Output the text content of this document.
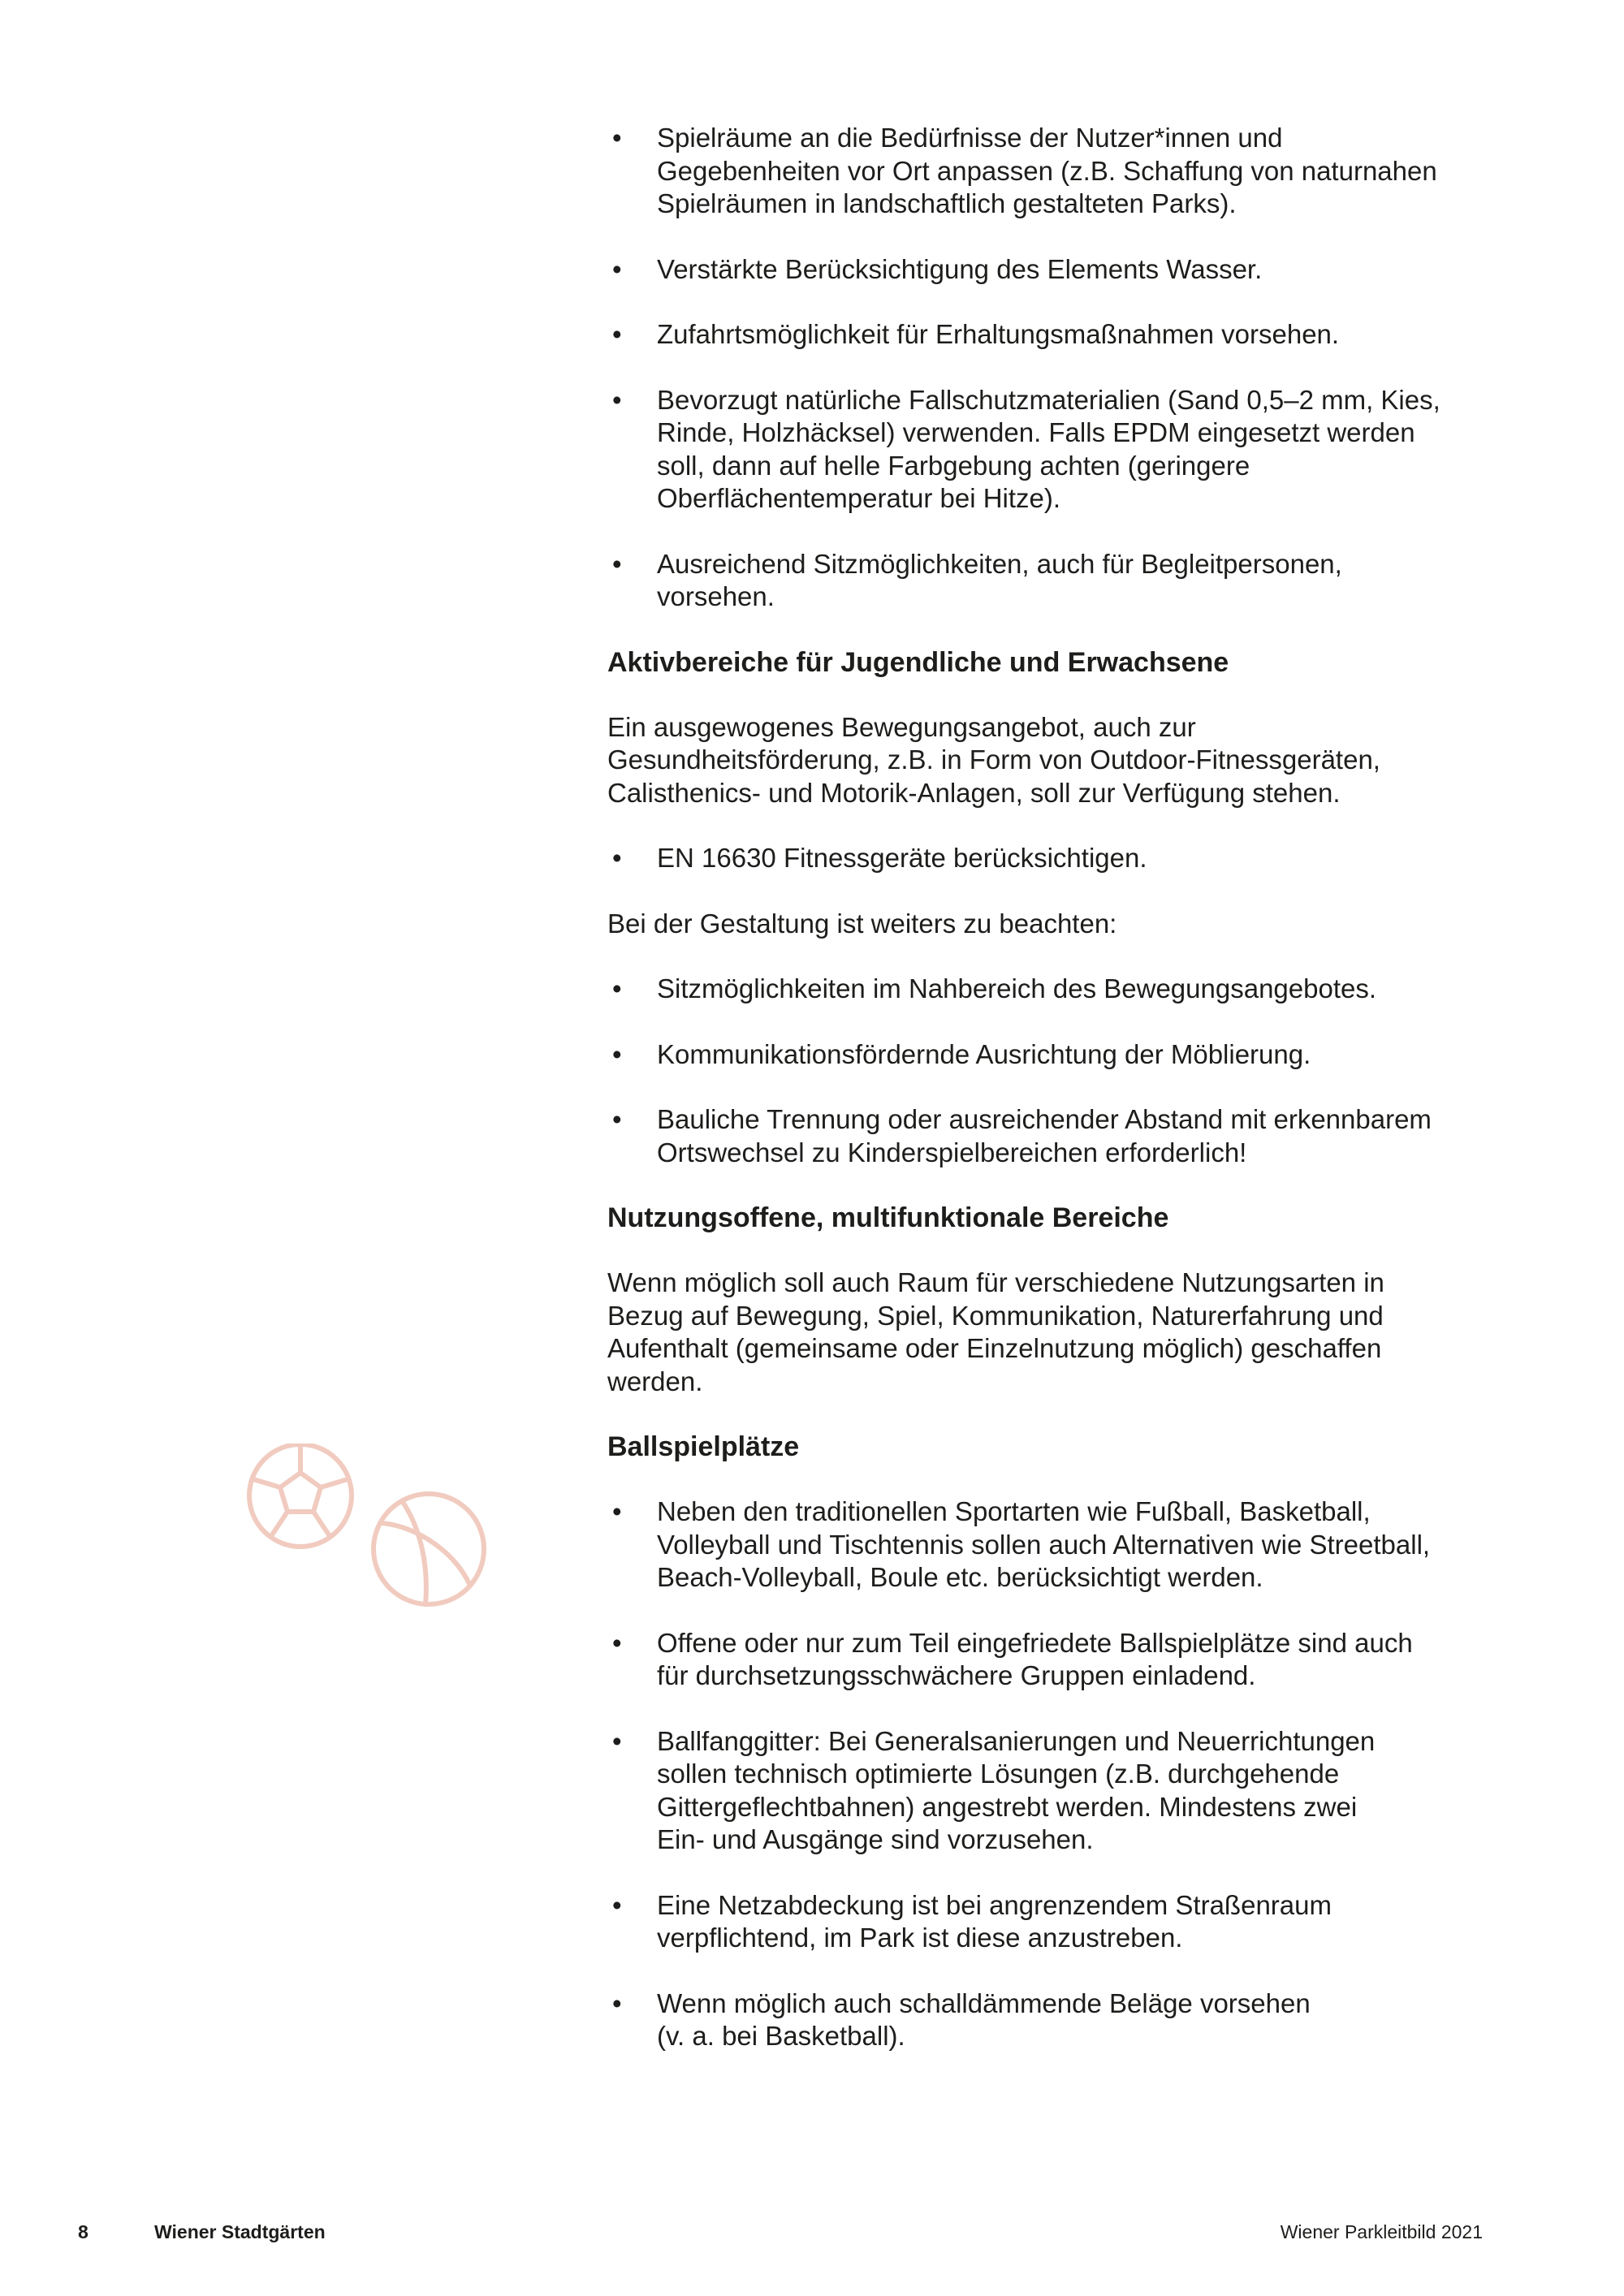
•	Spielräume an die Bedürfnisse der Nutzer*innen und
Gegebenheiten vor Ort anpassen (z.B. Schaffung von naturnahen
Spielräumen in landschaftlich gestalteten Parks).
•	Verstärkte Berücksichtigung des Elements Wasser.
•	Zufahrtsmöglichkeit für Erhaltungsmaßnahmen vorsehen.
•	Bevorzugt natürliche Fallschutzmaterialien (Sand 0,5–2 mm, Kies,
Rinde, Holzhäcksel) verwenden. Falls EPDM eingesetzt werden
soll, dann auf helle Farbgebung achten (geringere
Oberflächentemperatur bei Hitze).
•	Ausreichend Sitzmöglichkeiten, auch für Begleitpersonen,
vorsehen.
Aktivbereiche für Jugendliche und Erwachsene
Ein ausgewogenes Bewegungsangebot, auch zur
Gesundheitsförderung, z.B. in Form von Outdoor-Fitnessgeräten,
Calisthenics- und Motorik-Anlagen, soll zur Verfügung stehen.
•	EN 16630 Fitnessgeräte berücksichtigen.
Bei der Gestaltung ist weiters zu beachten:
•	Sitzmöglichkeiten im Nahbereich des Bewegungsangebotes.
•	Kommunikationsfördernde Ausrichtung der Möblierung.
•	Bauliche Trennung oder ausreichender Abstand mit erkennbarem
Ortswechsel zu Kinderspielbereichen erforderlich!
Nutzungsoffene, multifunktionale Bereiche
Wenn möglich soll auch Raum für verschiedene Nutzungsarten in
Bezug auf Bewegung, Spiel, Kommunikation, Naturerfahrung und
Aufenthalt (gemeinsame oder Einzelnutzung möglich) geschaffen
werden.
Ballspielplätze
•	Neben den traditionellen Sportarten wie Fußball, Basketball,
Volleyball und Tischtennis sollen auch Alternativen wie Streetball,
Beach-Volleyball, Boule etc. berücksichtigt werden.
•	Offene oder nur zum Teil eingefriedete Ballspielplätze sind auch
für durchsetzungsschwächere Gruppen einladend.
•	Ballfanggitter: Bei Generalsanierungen und Neuerrichtungen
sollen technisch optimierte Lösungen (z.B. durchgehende
Gittergeflechtbahnen) angestrebt werden. Mindestens zwei
Ein- und Ausgänge sind vorzusehen.
•	Eine Netzabdeckung ist bei angrenzendem Straßenraum
verpflichtend, im Park ist diese anzustreben.
•	Wenn möglich auch schalldämmende Beläge vorsehen
(v. a. bei Basketball).
8	Wiener Stadtgärten	Wiener Parkleitbild 2021
